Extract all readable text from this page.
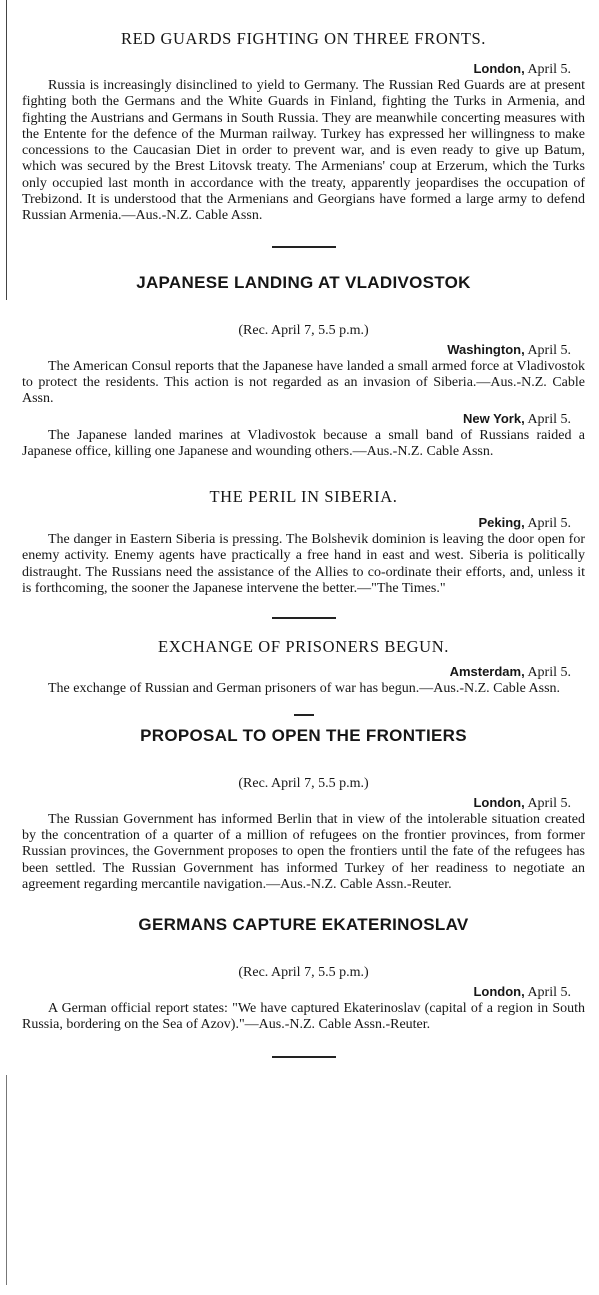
RED GUARDS FIGHTING ON THREE FRONTS.

London, April 5.

Russia is increasingly disinclined to yield to Germany. The Russian Red Guards are at present fighting both the Germans and the White Guards in Finland, fighting the Turks in Armenia, and fighting the Austrians and Germans in South Russia. They are meanwhile concerting measures with the Entente for the defence of the Murman railway. Turkey has expressed her willingness to make concessions to the Caucasian Diet in order to prevent war, and is even ready to give up Batum, which was secured by the Brest Litovsk treaty. The Armenians' coup at Erzerum, which the Turks only occupied last month in accordance with the treaty, apparently jeopardises the occupation of Trebizond. It is understood that the Armenians and Georgians have formed a large army to defend Russian Armenia.—Aus.-N.Z. Cable Assn.

JAPANESE LANDING AT VLADIVOSTOK

(Rec. April 7, 5.5 p.m.)

Washington, April 5.

The American Consul reports that the Japanese have landed a small armed force at Vladivostok to protect the residents. This action is not regarded as an invasion of Siberia.—Aus.-N.Z. Cable Assn.

New York, April 5.

The Japanese landed marines at Vladivostok because a small band of Russians raided a Japanese office, killing one Japanese and wounding others.—Aus.-N.Z. Cable Assn.

THE PERIL IN SIBERIA.

Peking, April 5.

The danger in Eastern Siberia is pressing. The Bolshevik dominion is leaving the door open for enemy activity. Enemy agents have practically a free hand in east and west. Siberia is politically distraught. The Russians need the assistance of the Allies to co-ordinate their efforts, and, unless it is forthcoming, the sooner the Japanese intervene the better.—"The Times."

EXCHANGE OF PRISONERS BEGUN.

Amsterdam, April 5.

The exchange of Russian and German prisoners of war has begun.—Aus.-N.Z. Cable Assn.

PROPOSAL TO OPEN THE FRONTIERS

(Rec. April 7, 5.5 p.m.)

London, April 5.

The Russian Government has informed Berlin that in view of the intolerable situation created by the concentration of a quarter of a million of refugees on the frontier provinces, from former Russian provinces, the Government proposes to open the frontiers until the fate of the refugees has been settled. The Russian Government has informed Turkey of her readiness to negotiate an agreement regarding mercantile navigation.—Aus.-N.Z. Cable Assn.-Reuter.

GERMANS CAPTURE EKATERINOSLAV

(Rec. April 7, 5.5 p.m.)

London, April 5.

A German official report states: "We have captured Ekaterinoslav (capital of a region in South Russia, bordering on the Sea of Azov)."—Aus.-N.Z. Cable Assn.-Reuter.
